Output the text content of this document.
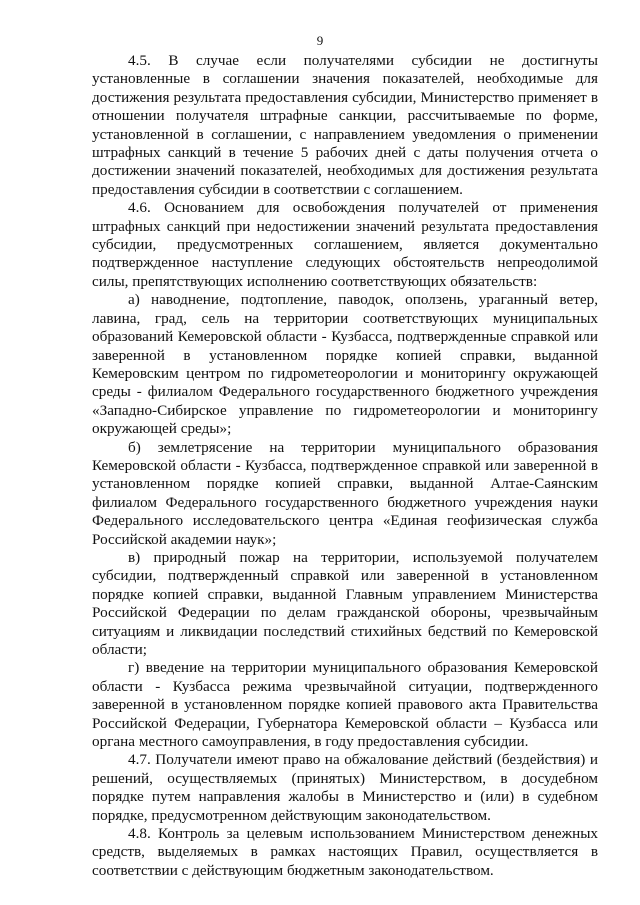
9

4.5. В случае если получателями субсидии не достигнуты установленные в соглашении значения показателей, необходимые для достижения результата предоставления субсидии, Министерство применяет в отношении получателя штрафные санкции, рассчитываемые по форме, установленной в соглашении, с направлением уведомления о применении штрафных санкций в течение 5 рабочих дней с даты получения отчета о достижении значений показателей, необходимых для достижения результата предоставления субсидии в соответствии с соглашением.

4.6. Основанием для освобождения получателей от применения штрафных санкций при недостижении значений результата предоставления субсидии, предусмотренных соглашением, является документально подтвержденное наступление следующих обстоятельств непреодолимой силы, препятствующих исполнению соответствующих обязательств:

а) наводнение, подтопление, паводок, оползень, ураганный ветер, лавина, град, сель на территории соответствующих муниципальных образований Кемеровской области - Кузбасса, подтвержденные справкой или заверенной в установленном порядке копией справки, выданной Кемеровским центром по гидрометеорологии и мониторингу окружающей среды - филиалом Федерального государственного бюджетного учреждения «Западно-Сибирское управление по гидрометеорологии и мониторингу окружающей среды»;

б) землетрясение на территории муниципального образования Кемеровской области - Кузбасса, подтвержденное справкой или заверенной в установленном порядке копией справки, выданной Алтае-Саянским филиалом Федерального государственного бюджетного учреждения науки Федерального исследовательского центра «Единая геофизическая служба Российской академии наук»;

в) природный пожар на территории, используемой получателем субсидии, подтвержденный справкой или заверенной в установленном порядке копией справки, выданной Главным управлением Министерства Российской Федерации по делам гражданской обороны, чрезвычайным ситуациям и ликвидации последствий стихийных бедствий по Кемеровской области;

г) введение на территории муниципального образования Кемеровской области - Кузбасса режима чрезвычайной ситуации, подтвержденного заверенной в установленном порядке копией правового акта Правительства Российской Федерации, Губернатора Кемеровской области – Кузбасса или органа местного самоуправления, в году предоставления субсидии.

4.7. Получатели имеют право на обжалование действий (бездействия) и решений, осуществляемых (принятых) Министерством, в досудебном порядке путем направления жалобы в Министерство и (или) в судебном порядке, предусмотренном действующим законодательством.

4.8. Контроль за целевым использованием Министерством денежных средств, выделяемых в рамках настоящих Правил, осуществляется в соответствии с действующим бюджетным законодательством.
